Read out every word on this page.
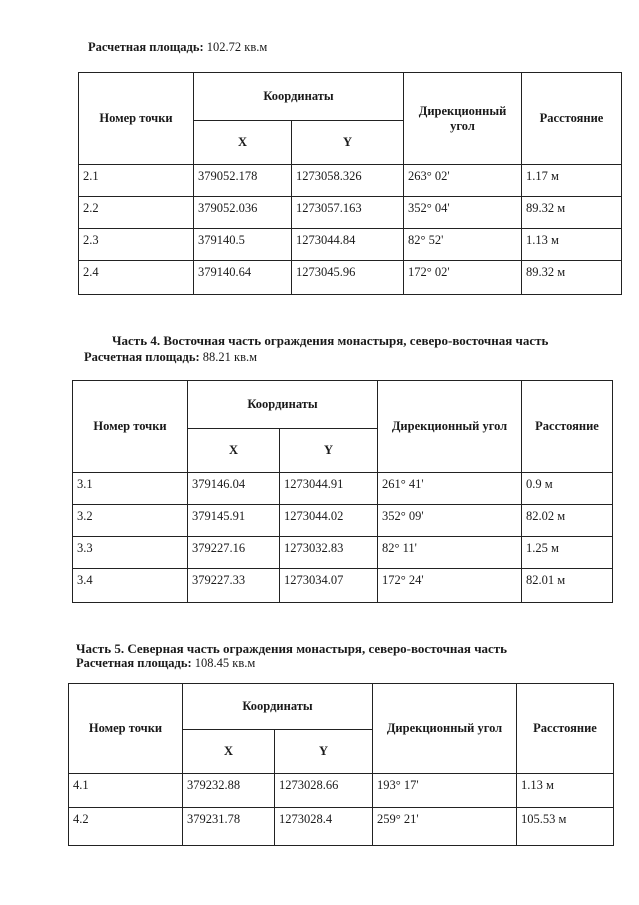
Расчетная площадь: 102.72 кв.м
Номер точки	Координаты		Дирекционный угол	Расстояние
	X	Y		
2.1	379052.178	1273058.326	263° 02'	1.17 м
2.2	379052.036	1273057.163	352° 04'	89.32 м
2.3	379140.5	1273044.84	82° 52'	1.13 м
2.4	379140.64	1273045.96	172° 02'	89.32 м
Часть 4. Восточная часть ограждения монастыря, северо-восточная часть
Расчетная площадь: 88.21 кв.м
Номер точки	Координаты		Дирекционный угол	Расстояние
	X	Y		
3.1	379146.04	1273044.91	261° 41'	0.9 м
3.2	379145.91	1273044.02	352° 09'	82.02 м
3.3	379227.16	1273032.83	82° 11'	1.25 м
3.4	379227.33	1273034.07	172° 24'	82.01 м
Часть 5. Северная часть ограждения монастыря, северо-восточная часть
Расчетная площадь: 108.45 кв.м
Номер точки	Координаты		Дирекционный угол	Расстояние
	X	Y		
4.1	379232.88	1273028.66	193° 17'	1.13 м
4.2	379231.78	1273028.4	259° 21'	105.53 м
